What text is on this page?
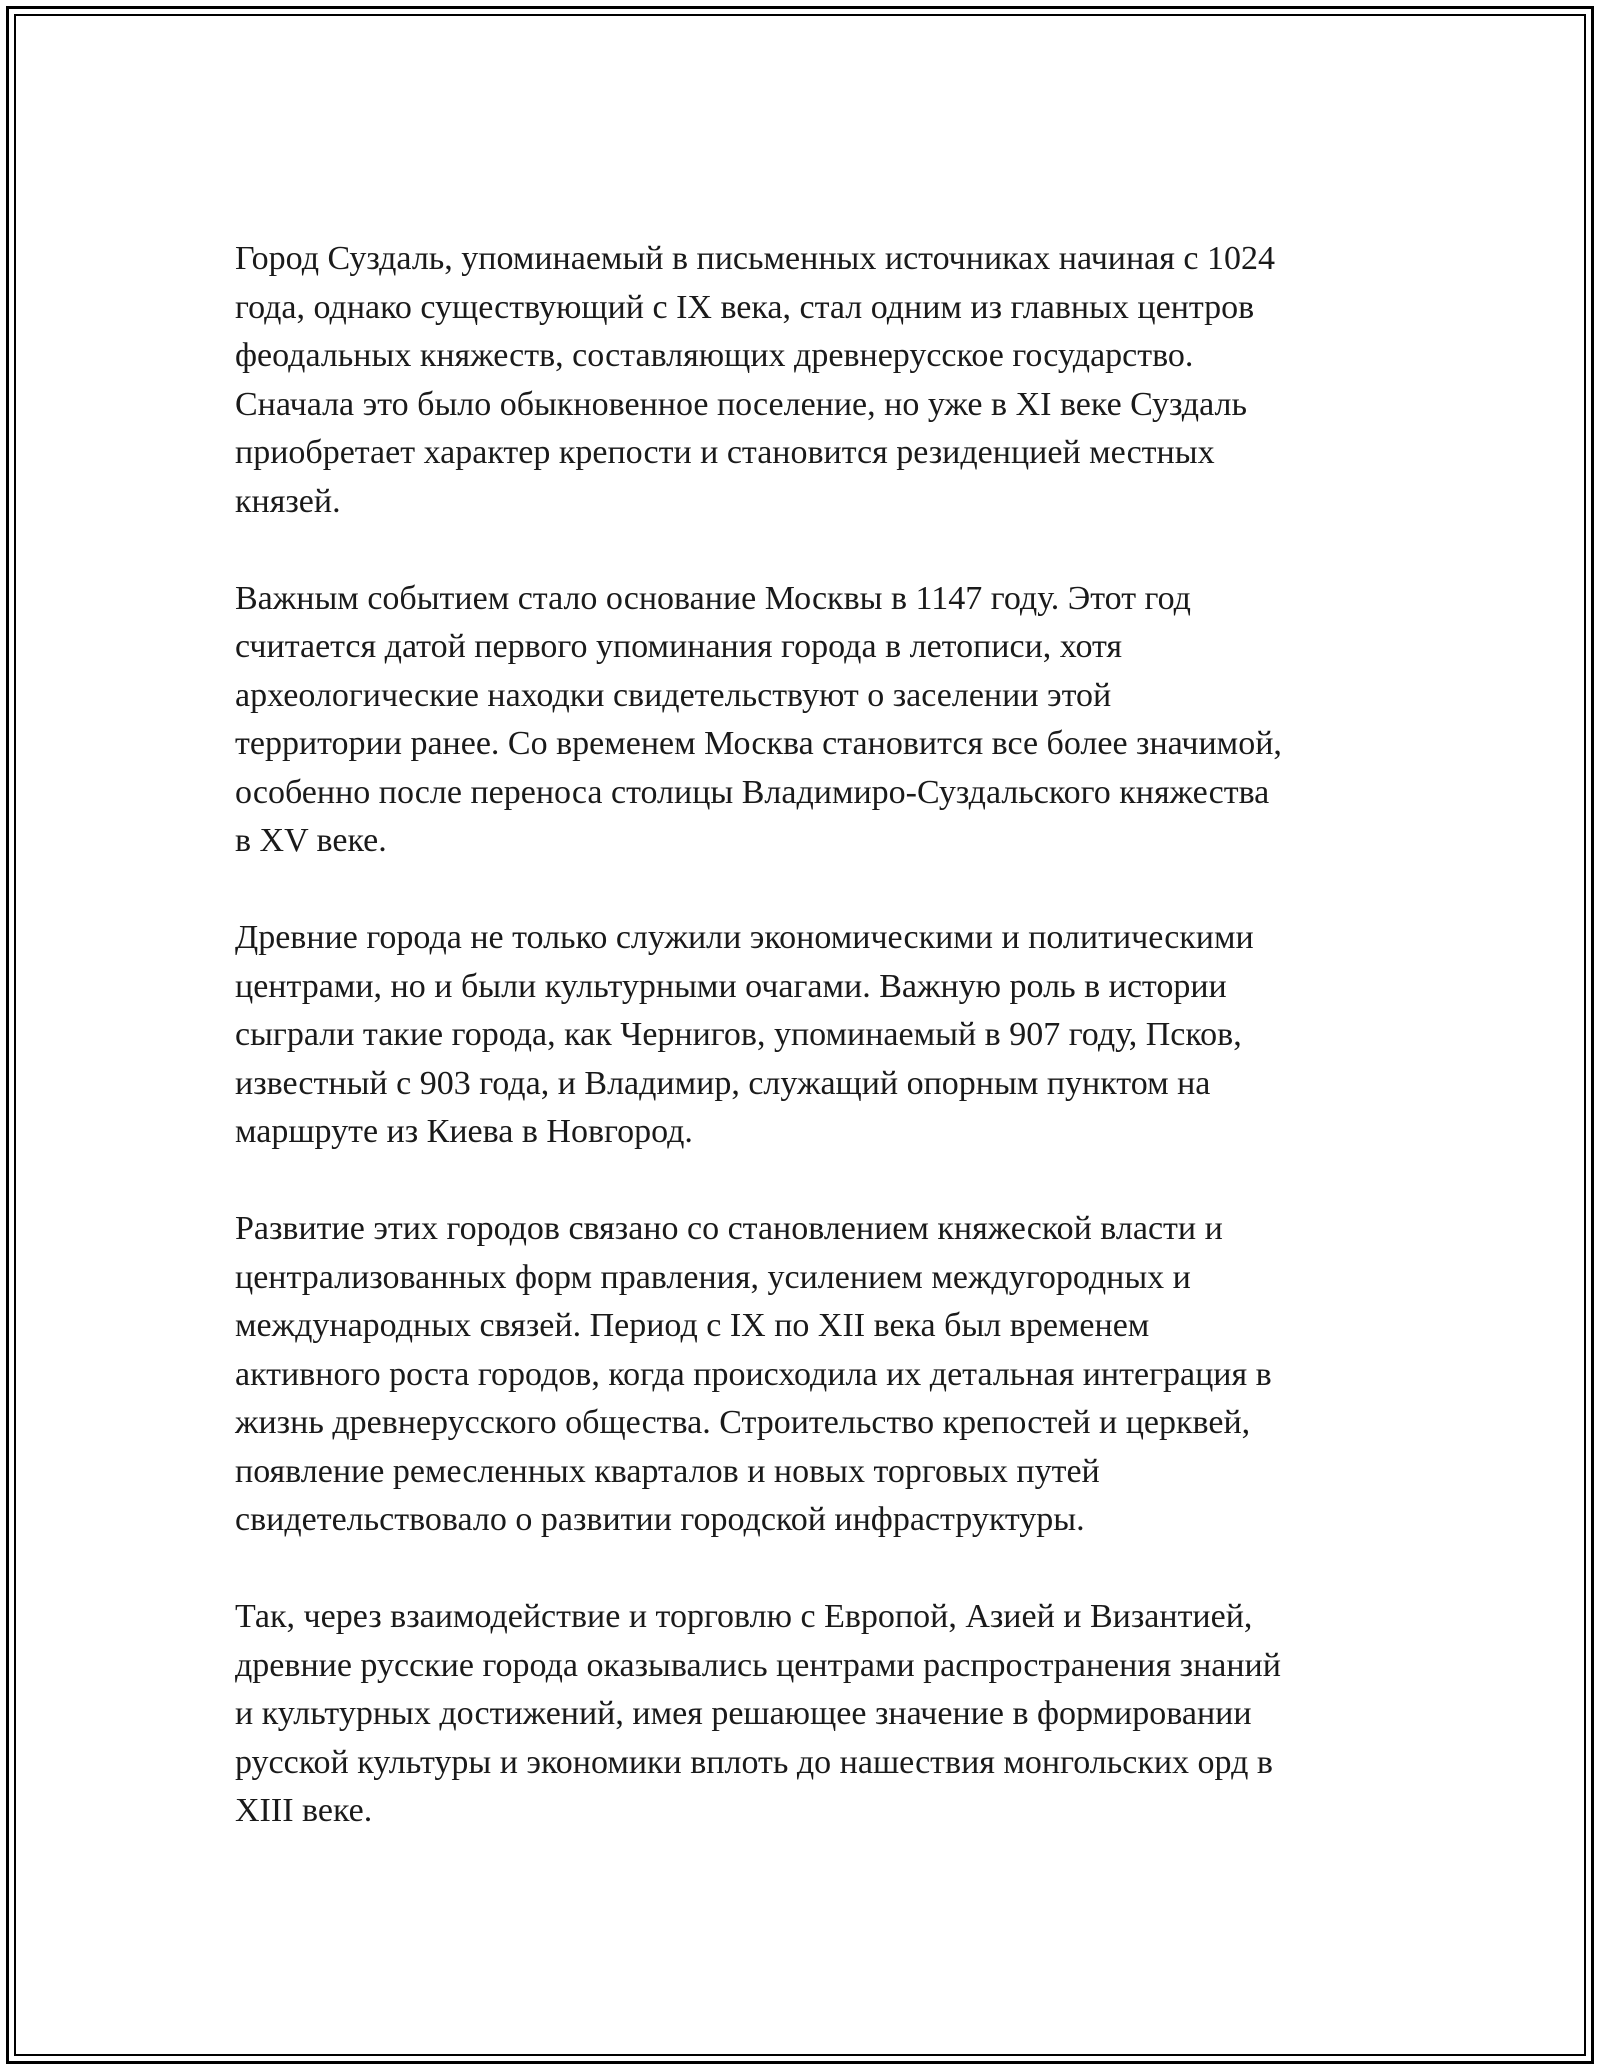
Город Суздаль, упоминаемый в письменных источниках начиная с 1024
года, однако существующий с IX века, стал одним из главных центров
феодальных княжеств, составляющих древнерусское государство.
Сначала это было обыкновенное поселение, но уже в XI веке Суздаль
приобретает характер крепости и становится резиденцией местных
князей.

Важным событием стало основание Москвы в 1147 году. Этот год
считается датой первого упоминания города в летописи, хотя
археологические находки свидетельствуют о заселении этой
территории ранее. Со временем Москва становится все более значимой,
особенно после переноса столицы Владимиро-Суздальского княжества
в XV веке.

Древние города не только служили экономическими и политическими
центрами, но и были культурными очагами. Важную роль в истории
сыграли такие города, как Чернигов, упоминаемый в 907 году, Псков,
известный с 903 года, и Владимир, служащий опорным пунктом на
маршруте из Киева в Новгород.

Развитие этих городов связано со становлением княжеской власти и
централизованных форм правления, усилением междугородных и
международных связей. Период с IX по XII века был временем
активного роста городов, когда происходила их детальная интеграция в
жизнь древнерусского общества. Строительство крепостей и церквей,
появление ремесленных кварталов и новых торговых путей
свидетельствовало о развитии городской инфраструктуры.

Так, через взаимодействие и торговлю с Европой, Азией и Византией,
древние русские города оказывались центрами распространения знаний
и культурных достижений, имея решающее значение в формировании
русской культуры и экономики вплоть до нашествия монгольских орд в
XIII веке.
